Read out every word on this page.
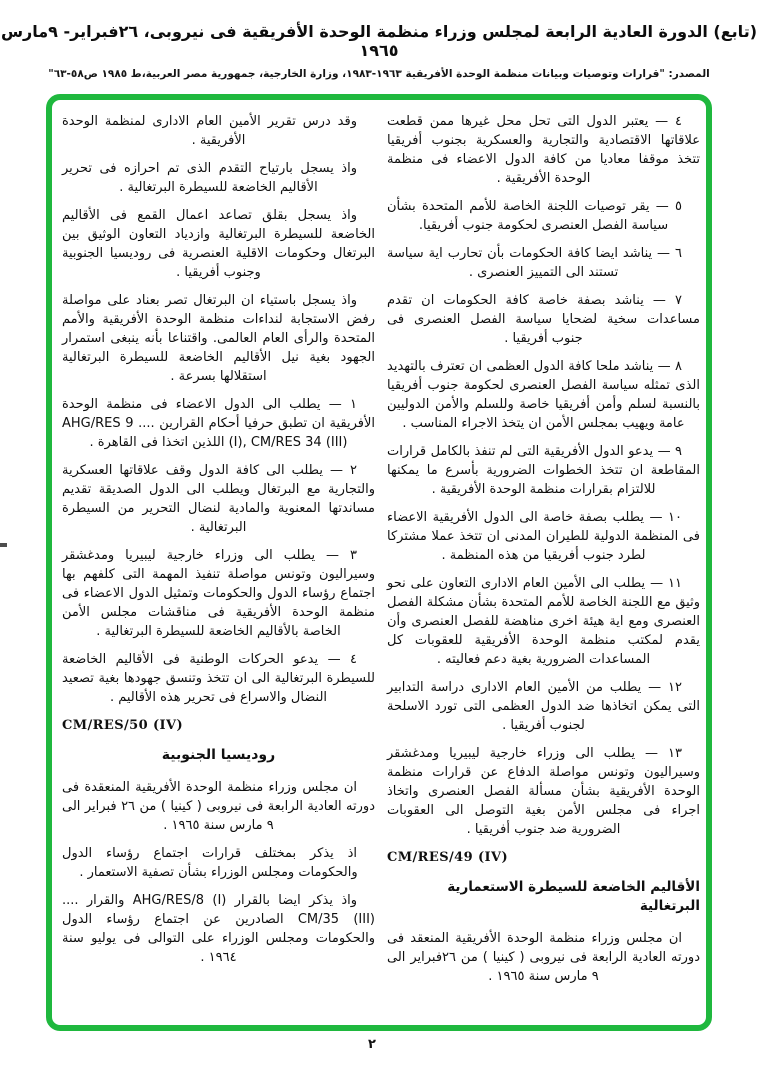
(تابع) الدورة العادية الرابعة لمجلس وزراء منظمة الوحدة الأفريقية فى نيروبى، ٢٦فبراير- ٩مارس ١٩٦٥
المصدر: "قرارات وتوصيات وبيانات منظمة الوحدة الأفريقية ١٩٦٣-١٩٨٣، وزارة الخارجية، جمهورية مصر العربية،ط ١٩٨٥ ص٥٨-٦٣"

٤ — يعتبر الدول التى تحل محل غيرها ممن قطعت علاقاتها الاقتصادية والتجارية والعسكرية بجنوب أفريقيا تتخذ موقفا معاديا من كافة الدول الاعضاء فى منظمة الوحدة الأفريقية .

٥ — يقر توصيات اللجنة الخاصة للأمم المتحدة بشأن سياسة الفصل العنصرى لحكومة جنوب أفريقيا.

٦ — يناشد ايضا كافة الحكومات بأن تحارب اية سياسة تستند الى التمييز العنصرى .

٧ — يناشد بصفة خاصة كافة الحكومات ان تقدم مساعدات سخية لضحايا سياسة الفصل العنصرى فى جنوب أفريقيا .

٨ — يناشد ملحا كافة الدول العظمى ان تعترف بالتهديد الذى تمثله سياسة الفصل العنصرى لحكومة جنوب أفريقيا بالنسبة لسلم وأمن أفريقيا خاصة وللسلم والأمن الدوليين عامة ويهيب بمجلس الأمن ان يتخذ الاجراء المناسب .

٩ — يدعو الدول الأفريقية التى لم تنفذ بالكامل قرارات المقاطعة ان تتخذ الخطوات الضرورية بأسرع ما يمكنها للالتزام بقرارات منظمة الوحدة الأفريقية .

١٠ — يطلب بصفة خاصة الى الدول الأفريقية الاعضاء فى المنظمة الدولية للطيران المدنى ان تتخذ عملا مشتركا لطرد جنوب أفريقيا من هذه المنظمة .

١١ — يطلب الى الأمين العام الادارى التعاون على نحو وثيق مع اللجنة الخاصة للأمم المتحدة بشأن مشكلة الفصل العنصرى ومع اية هيئة اخرى مناهضة للفصل العنصرى وأن يقدم لمكتب منظمة الوحدة الأفريقية للعقوبات كل المساعدات الضرورية بغية دعم فعاليته .

١٢ — يطلب من الأمين العام الادارى دراسة التدابير التى يمكن اتخاذها ضد الدول العظمى التى تورد الاسلحة لجنوب أفريقيا .

١٣ — يطلب الى وزراء خارجية ليبيريا ومدغشقر وسيراليون وتونس مواصلة الدفاع عن قرارات منظمة الوحدة الأفريقية بشأن مسألة الفصل العنصرى واتخاذ اجراء فى مجلس الأمن بغية التوصل الى العقوبات الضرورية ضد جنوب أفريقيا .

CM/RES/49 (IV)

الأقاليم الخاضعة للسيطرة الاستعمارية البرتغالية

ان مجلس وزراء منظمة الوحدة الأفريقية المنعقد فى دورته العادية الرابعة فى نيروبى ( كينيا ) من ٢٦فبراير الى ٩ مارس سنة ١٩٦٥ .

وقد درس تقرير الأمين العام الادارى لمنظمة الوحدة الأفريقية .

واذ يسجل بارتياح التقدم الذى تم احرازه فى تحرير الأقاليم الخاضعة للسيطرة البرتغالية .

واذ يسجل بقلق تصاعد اعمال القمع فى الأقاليم الخاضعة للسيطرة البرتغالية وازدياد التعاون الوثيق بين البرتغال وحكومات الاقلية العنصرية فى روديسيا الجنوبية وجنوب أفريقيا .

واذ يسجل باستياء ان البرتغال تصر بعناد على مواصلة رفض الاستجابة لنداءات منظمة الوحدة الأفريقية والأمم المتحدة والرأى العام العالمى. واقتناعا بأنه ينبغى استمرار الجهود بغية نيل الأقاليم الخاضعة للسيطرة البرتغالية استقلالها بسرعة .

١ — يطلب الى الدول الاعضاء فى منظمة الوحدة الأفريقية ان تطبق حرفيا أحكام القرارين .... AHG/RES 9 (I), CM/RES 34 (III) اللذين اتخذا فى القاهرة .

٢ — يطلب الى كافة الدول وقف علاقاتها العسكرية والتجارية مع البرتغال ويطلب الى الدول الصديقة تقديم مساندتها المعنوية والمادية لنضال التحرير من السيطرة البرتغالية .

٣ — يطلب الى وزراء خارجية ليبيريا ومدغشقر وسيراليون وتونس مواصلة تنفيذ المهمة التى كلفهم بها اجتماع رؤساء الدول والحكومات وتمثيل الدول الاعضاء فى منظمة الوحدة الأفريقية فى مناقشات مجلس الأمن الخاصة بالأقاليم الخاضعة للسيطرة البرتغالية .

٤ — يدعو الحركات الوطنية فى الأقاليم الخاضعة للسيطرة البرتغالية الى ان تتخذ وتنسق جهودها بغية تصعيد النضال والاسراع فى تحرير هذه الأقاليم .

CM/RES/50 (IV)

روديسيا الجنوبية

ان مجلس وزراء منظمة الوحدة الأفريقية المنعقدة فى دورته العادية الرابعة فى نيروبى ( كينيا ) من ٢٦ فبراير الى ٩ مارس سنة ١٩٦٥ .

اذ يذكر بمختلف قرارات اجتماع رؤساء الدول والحكومات ومجلس الوزراء بشأن تصفية الاستعمار .

واذ يذكر ايضا بالقرار AHG/RES/8 (I) والقرار .... CM/35 (III) الصادرين عن اجتماع رؤساء الدول والحكومات ومجلس الوزراء على التوالى فى يوليو سنة ١٩٦٤ .

٢
